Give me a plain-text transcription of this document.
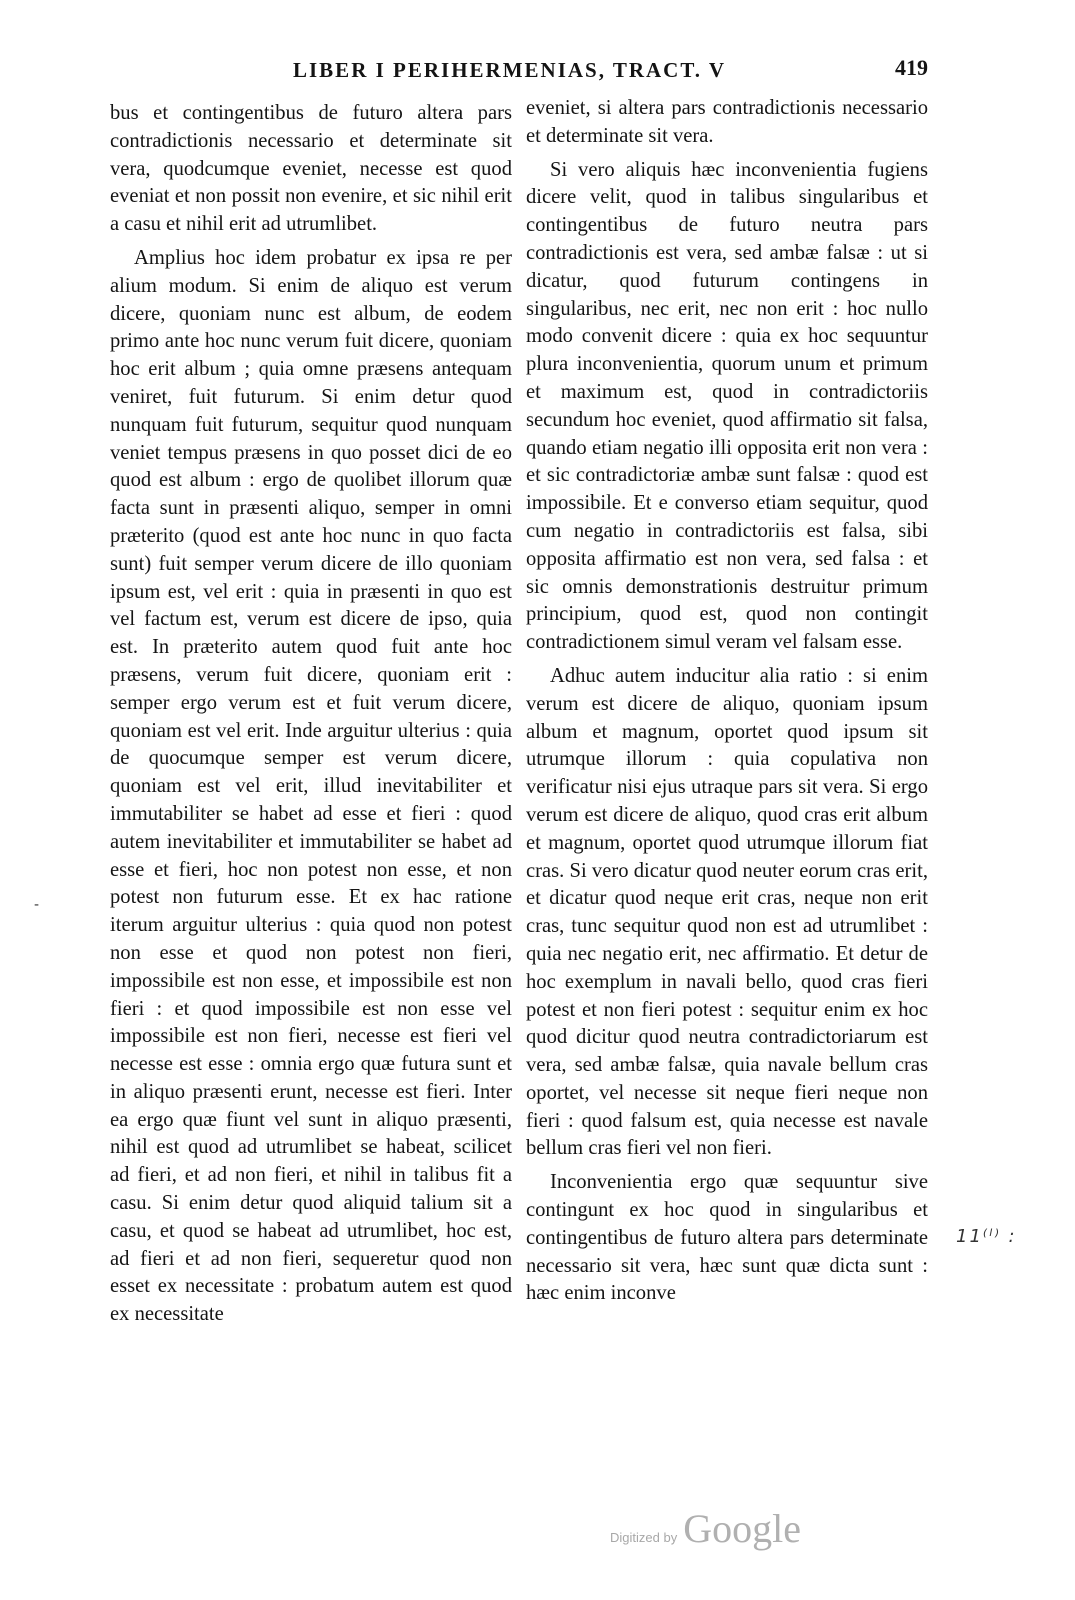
LIBER I PERIHERMENIAS, TRACT. V	419

bus et contingentibus de futuro altera pars contradictionis necessario et determinate sit vera, quodcumque eveniet, necesse est quod eveniat et non possit non evenire, et sic nihil erit a casu et nihil erit ad utrumlibet.

Amplius hoc idem probatur ex ipsa re per alium modum. Si enim de aliquo est verum dicere, quoniam nunc est album, de eodem primo ante hoc nunc verum fuit dicere, quoniam hoc erit album ; quia omne præsens antequam veniret, fuit futurum. Si enim detur quod nunquam fuit futurum, sequitur quod nunquam veniet tempus præsens in quo posset dici de eo quod est album : ergo de quolibet illorum quæ facta sunt in præsenti aliquo, semper in omni præterito (quod est ante hoc nunc in quo facta sunt) fuit semper verum dicere de illo quoniam ipsum est, vel erit : quia in præsenti in quo est vel factum est, verum est dicere de ipso, quia est. In præterito autem quod fuit ante hoc præsens, verum fuit dicere, quoniam erit : semper ergo verum est et fuit verum dicere, quoniam est vel erit. Inde arguitur ulterius : quia de quocumque semper est verum dicere, quoniam est vel erit, illud inevitabiliter et immutabiliter se habet ad esse et fieri : quod autem inevitabiliter et immutabiliter se habet ad esse et fieri, hoc non potest non esse, et non potest non futurum esse. Et ex hac ratione iterum arguitur ulterius : quia quod non potest non esse et quod non potest non fieri, impossibile est non esse, et impossibile est non fieri : et quod impossibile est non esse vel impossibile est non fieri, necesse est fieri vel necesse est esse : omnia ergo quæ futura sunt et in aliquo præsenti erunt, necesse est fieri. Inter ea ergo quæ fiunt vel sunt in aliquo præsenti, nihil est quod ad utrumlibet se habeat, scilicet ad fieri, et ad non fieri, et nihil in talibus fit a casu. Si enim detur quod aliquid talium sit a casu, et quod se habeat ad utrumlibet, hoc est, ad fieri et ad non fieri, sequeretur quod non esset ex necessitate : probatum autem est quod ex necessitate

eveniet, si altera pars contradictionis necessario et determinate sit vera.

Si vero aliquis hæc inconvenientia fugiens dicere velit, quod in talibus singularibus et contingentibus de futuro neutra pars contradictionis est vera, sed ambæ falsæ : ut si dicatur, quod futurum contingens in singularibus, nec erit, nec non erit : hoc nullo modo convenit dicere : quia ex hoc sequuntur plura inconvenientia, quorum unum et primum et maximum est, quod in contradictoriis secundum hoc eveniet, quod affirmatio sit falsa, quando etiam negatio illi opposita erit non vera : et sic contradictoriæ ambæ sunt falsæ : quod est impossibile. Et e converso etiam sequitur, quod cum negatio in contradictoriis est falsa, sibi opposita affirmatio est non vera, sed falsa : et sic omnis demonstrationis destruitur primum principium, quod est, quod non contingit contradictionem simul veram vel falsam esse.

Adhuc autem inducitur alia ratio : si enim verum est dicere de aliquo, quoniam ipsum album et magnum, oportet quod ipsum sit utrumque illorum : quia copulativa non verificatur nisi ejus utraque pars sit vera. Si ergo verum est dicere de aliquo, quod cras erit album et magnum, oportet quod utrumque illorum fiat cras. Si vero dicatur quod neuter eorum cras erit, et dicatur quod neque erit cras, neque non erit cras, tunc sequitur quod non est ad utrumlibet : quia nec negatio erit, nec affirmatio. Et detur de hoc exemplum in navali bello, quod cras fieri potest et non fieri potest : sequitur enim ex hoc quod dicitur quod neutra contradictoriarum est vera, sed ambæ falsæ, quia navale bellum cras oportet, vel necesse sit neque fieri neque non fieri : quod falsum est, quia necesse est navale bellum cras fieri vel non fieri.

Inconvenientia ergo quæ sequuntur sive contingunt ex hoc quod in singularibus et contingentibus de futuro altera pars determinate necessario sit vera, hæc sunt quæ dicta sunt : hæc enim inconve

-
11⁽ˡ⁾ :
Digitized by Google
